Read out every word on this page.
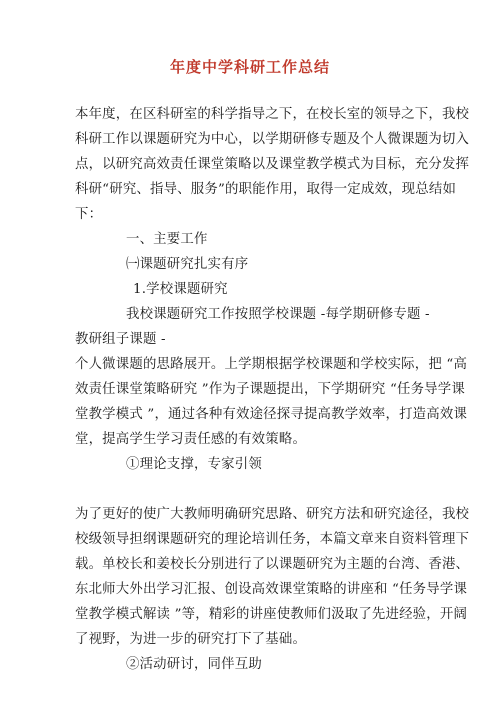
年度中学科研工作总结
本年度，在区科研室的科学指导之下，在校长室的领导之下，我校
科研工作以课题研究为中心，以学期研修专题及个人微课题为切入
点，以研究高效责任课堂策略以及课堂教学模式为目标，充分发挥
科研“研究、指导、服务”的职能作用，取得一定成效，现总结如
下：
一、主要工作
㈠课题研究扎实有序
1.学校课题研究
我校课题研究工作按照学校课题 -每学期研修专题 -
教研组子课题 -
个人微课题的思路展开。上学期根据学校课题和学校实际，把 “高
效责任课堂策略研究 ”作为子课题提出，下学期研究 “任务导学课
堂教学模式 ”，通过各种有效途径探寻提高教学效率，打造高效课
堂，提高学生学习责任感的有效策略。
①理论支撑，专家引领
为了更好的使广大教师明确研究思路、研究方法和研究途径，我校
校级领导担纲课题研究的理论培训任务，本篇文章来自资料管理下
载。单校长和姜校长分别进行了以课题研究为主题的台湾、香港、
东北师大外出学习汇报、创设高效课堂策略的讲座和 “任务导学课
堂教学模式解读 ”等，精彩的讲座使教师们汲取了先进经验，开阔
了视野，为进一步的研究打下了基础。
②活动研讨，同伴互助
